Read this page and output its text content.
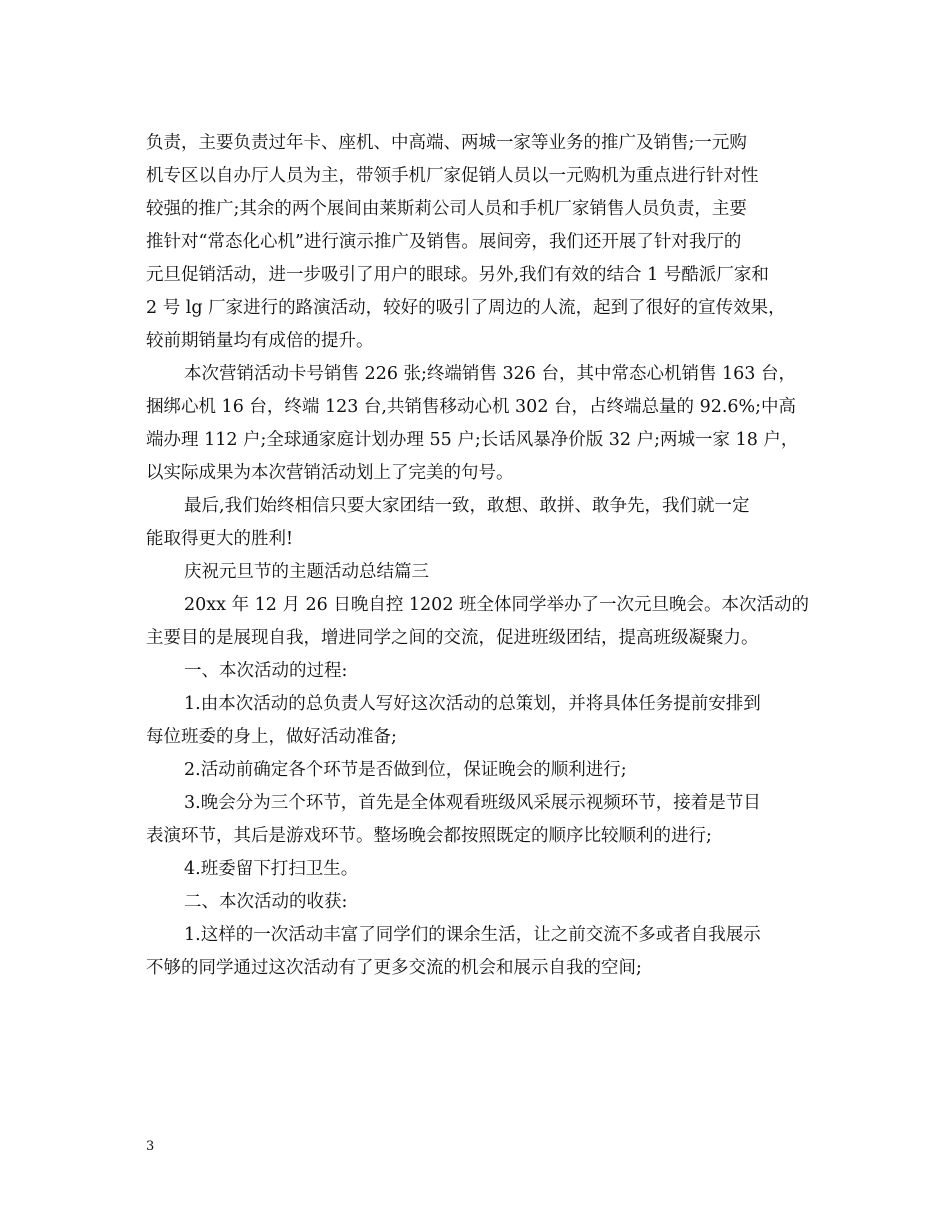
负责，主要负责过年卡、座机、中高端、两城一家等业务的推广及销售;一元购
机专区以自办厅人员为主，带领手机厂家促销人员以一元购机为重点进行针对性
较强的推广;其余的两个展间由莱斯莉公司人员和手机厂家销售人员负责，主要
推针对“常态化心机”进行演示推广及销售。展间旁，我们还开展了针对我厅的
元旦促销活动，进一步吸引了用户的眼球。另外,我们有效的结合 1 号酷派厂家和
2 号 lg 厂家进行的路演活动，较好的吸引了周边的人流，起到了很好的宣传效果，
较前期销量均有成倍的提升。
本次营销活动卡号销售 226 张;终端销售 326 台，其中常态心机销售 163 台，
捆绑心机 16 台，终端 123 台,共销售移动心机 302 台，占终端总量的 92.6%;中高
端办理 112 户;全球通家庭计划办理 55 户;长话风暴净价版 32 户;两城一家 18 户，
以实际成果为本次营销活动划上了完美的句号。
最后,我们始终相信只要大家团结一致，敢想、敢拼、敢争先，我们就一定
能取得更大的胜利!
庆祝元旦节的主题活动总结篇三
20xx 年 12 月 26 日晚自控 1202 班全体同学举办了一次元旦晚会。本次活动的
主要目的是展现自我，增进同学之间的交流，促进班级团结，提高班级凝聚力。
一、本次活动的过程:
1.由本次活动的总负责人写好这次活动的总策划，并将具体任务提前安排到
每位班委的身上，做好活动准备;
2.活动前确定各个环节是否做到位，保证晚会的顺利进行;
3.晚会分为三个环节，首先是全体观看班级风采展示视频环节，接着是节目
表演环节，其后是游戏环节。整场晚会都按照既定的顺序比较顺利的进行;
4.班委留下打扫卫生。
二、本次活动的收获:
1.这样的一次活动丰富了同学们的课余生活，让之前交流不多或者自我展示
不够的同学通过这次活动有了更多交流的机会和展示自我的空间;
3
